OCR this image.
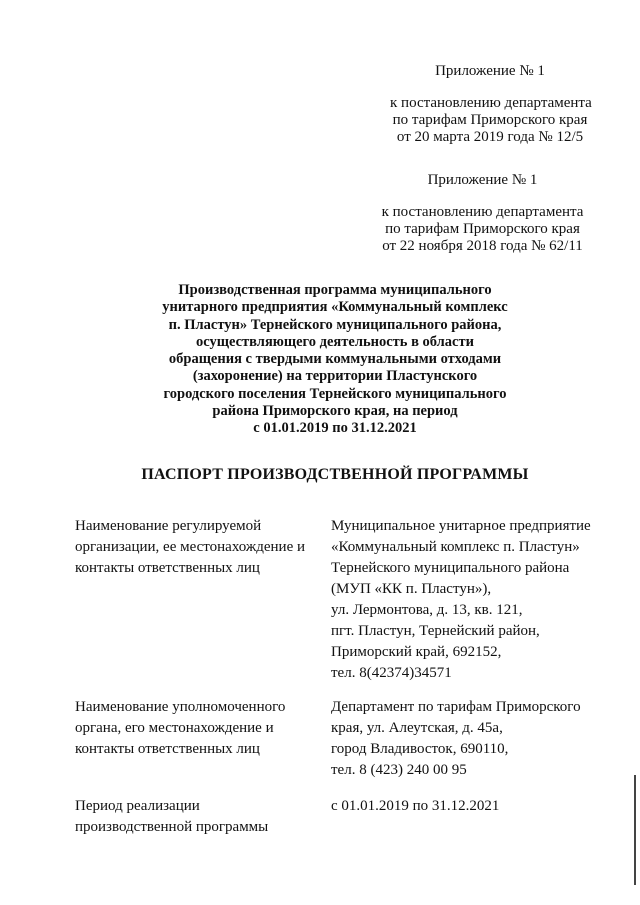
Приложение № 1
к постановлению департамента
по тарифам Приморского края
от 20 марта 2019 года № 12/5
Приложение № 1
к постановлению департамента
по тарифам Приморского края
от 22 ноября 2018 года № 62/11
Производственная программа муниципального
унитарного предприятия «Коммунальный комплекс
п. Пластун» Тернейского муниципального района,
осуществляющего деятельность в области
обращения с твердыми коммунальными отходами
(захоронение) на территории Пластунского
городского поселения Тернейского муниципального
района Приморского края, на период
с 01.01.2019 по 31.12.2021
ПАСПОРТ ПРОИЗВОДСТВЕННОЙ ПРОГРАММЫ
Наименование регулируемой
организации, ее местонахождение и
контакты ответственных лиц
Муниципальное унитарное предприятие
«Коммунальный комплекс п. Пластун»
Тернейского муниципального района
(МУП «КК п. Пластун»),
ул. Лермонтова, д. 13, кв. 121,
пгт. Пластун, Тернейский район,
Приморский край, 692152,
тел. 8(42374)34571
Наименование уполномоченного
органа, его местонахождение и
контакты ответственных лиц
Департамент по тарифам Приморского
края, ул. Алеутская, д. 45а,
город Владивосток, 690110,
тел. 8 (423) 240 00 95
Период реализации
производственной программы
с 01.01.2019 по 31.12.2021
